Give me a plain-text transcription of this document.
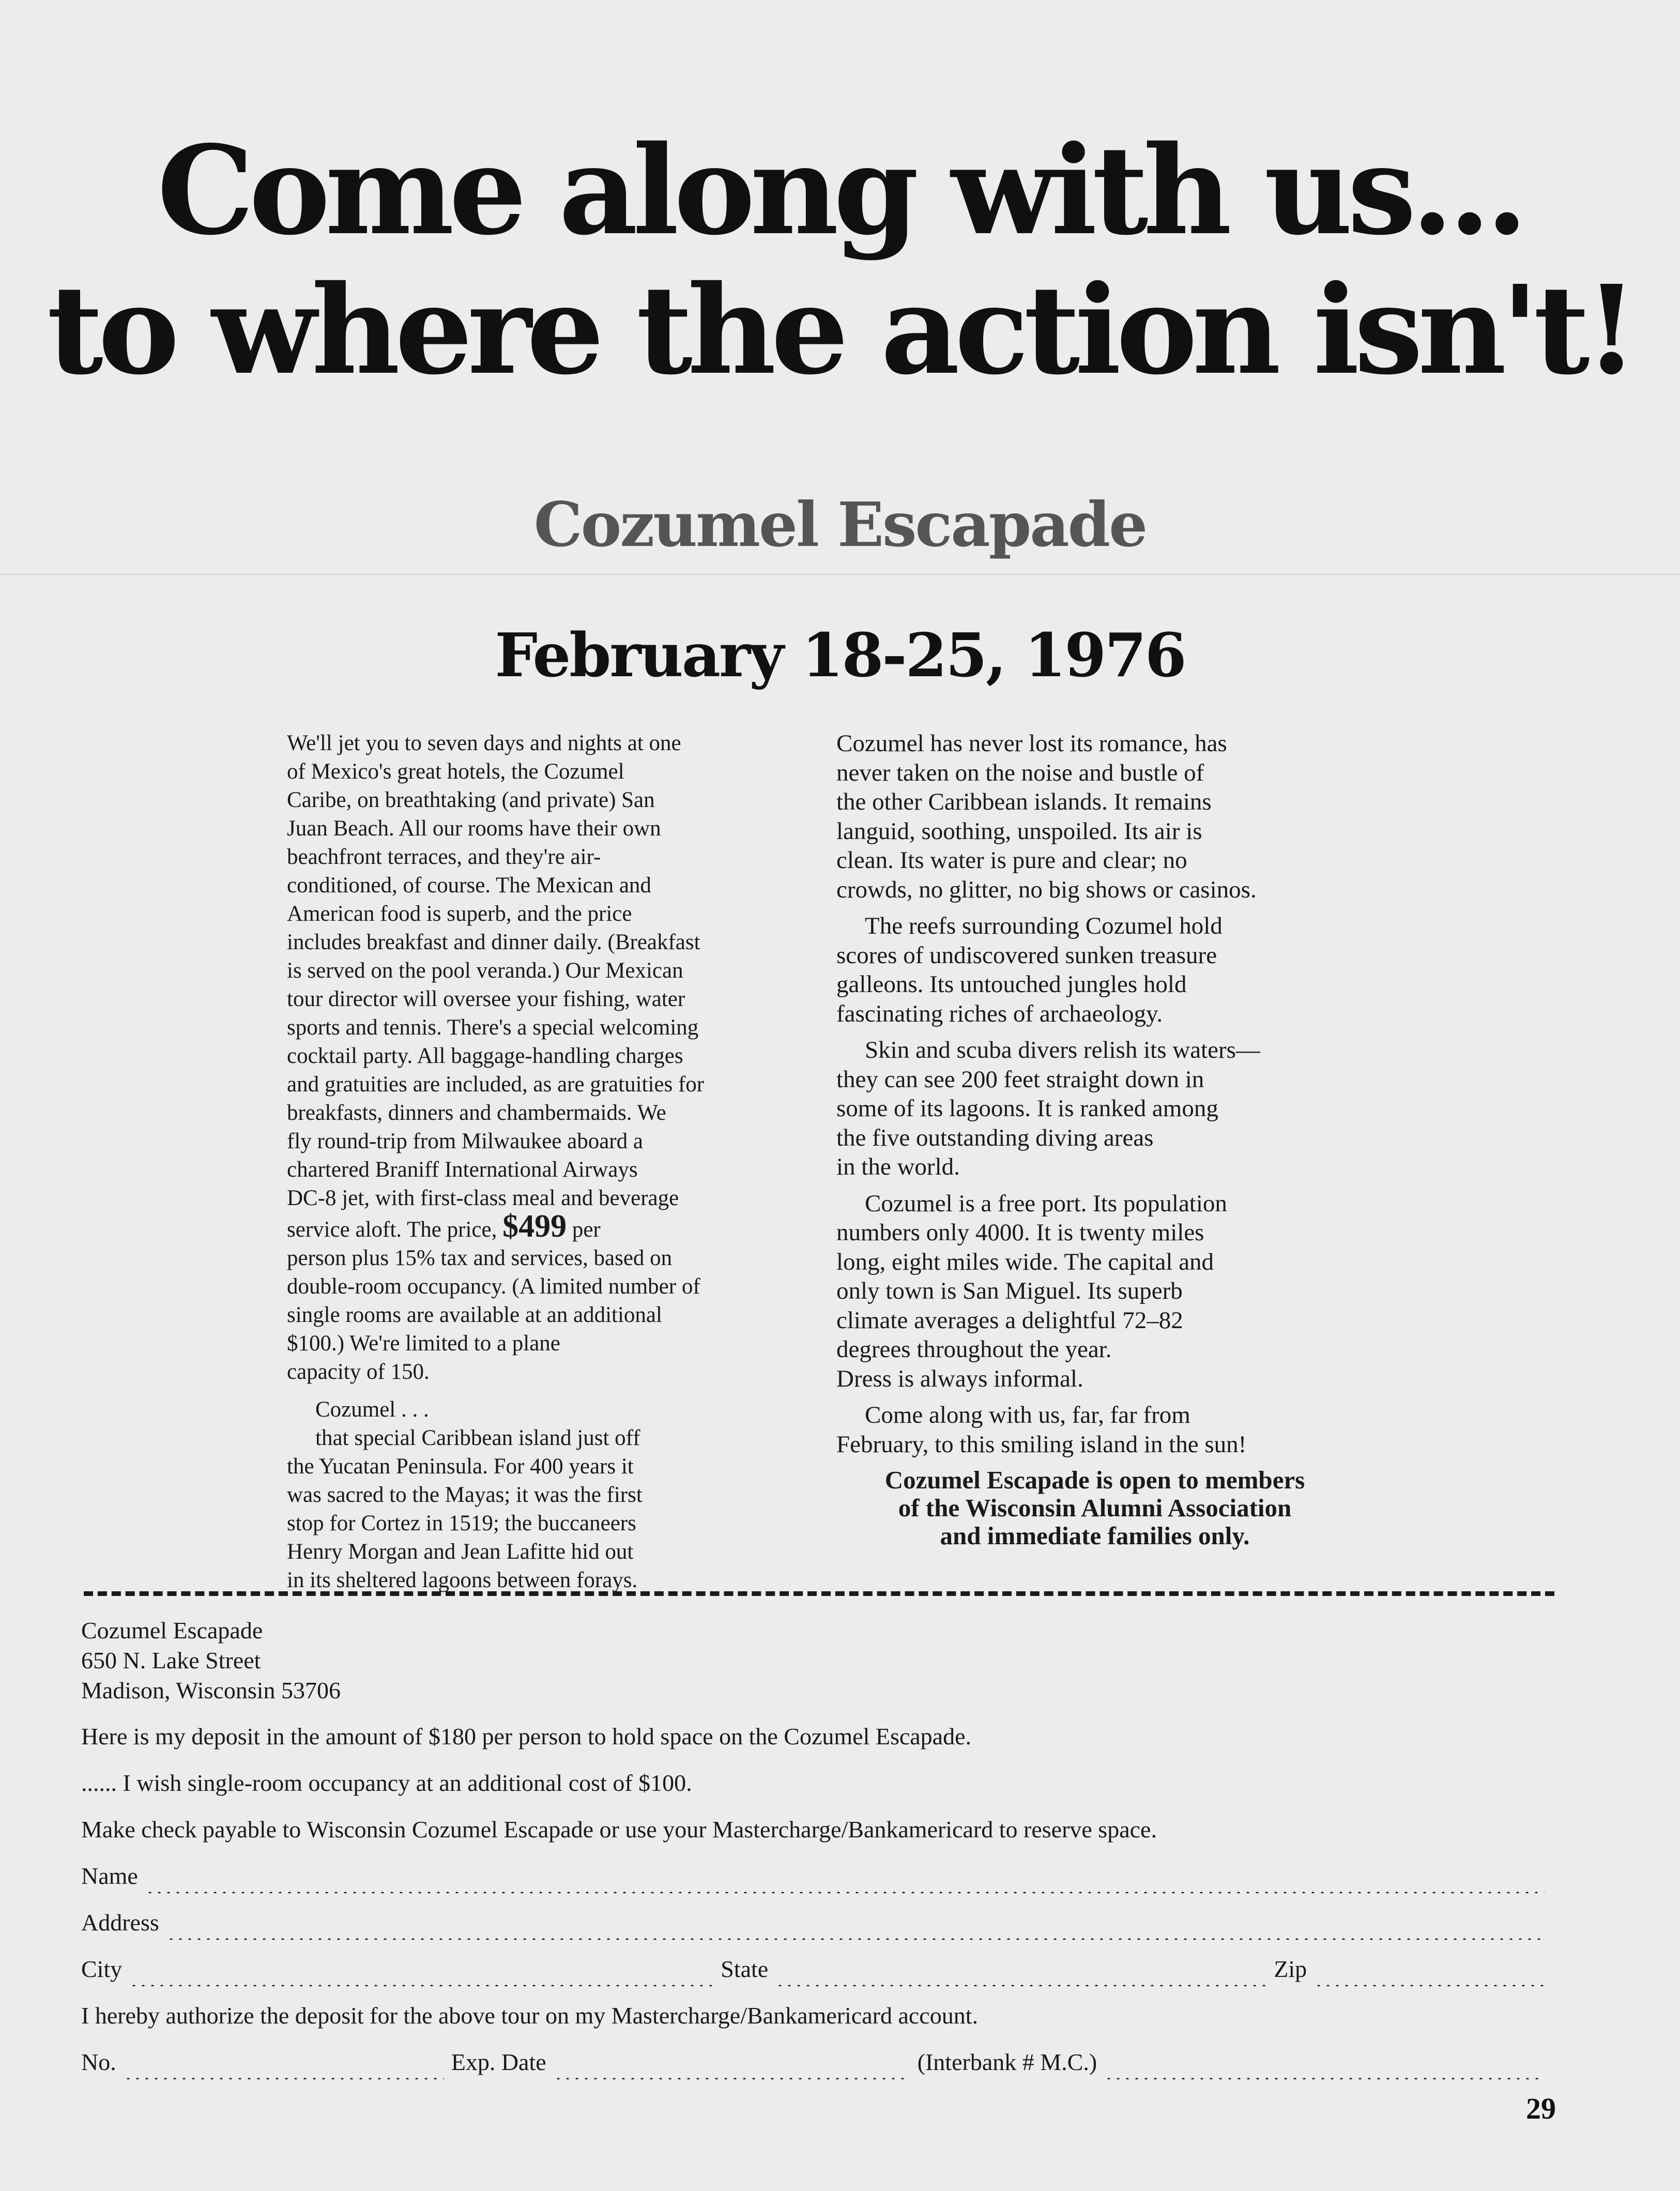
Come along with us...
to where the action isn't!
Cozumel Escapade
February 18-25, 1976

We'll jet you to seven days and nights at one
of Mexico's great hotels, the Cozumel
Caribe, on breathtaking (and private) San
Juan Beach. All our rooms have their own
beachfront terraces, and they're air-
conditioned, of course. The Mexican and
American food is superb, and the price
includes breakfast and dinner daily. (Breakfast
is served on the pool veranda.) Our Mexican
tour director will oversee your fishing, water
sports and tennis. There's a special welcoming
cocktail party. All baggage-handling charges
and gratuities are included, as are gratuities for
breakfasts, dinners and chambermaids. We
fly round-trip from Milwaukee aboard a
chartered Braniff International Airways
DC-8 jet, with first-class meal and beverage
service aloft. The price, $499 per
person plus 15% tax and services, based on
double-room occupancy. (A limited number of
single rooms are available at an additional
$100.) We're limited to a plane
capacity of 150.

Cozumel . . .

that special Caribbean island just off
the Yucatan Peninsula. For 400 years it
was sacred to the Mayas; it was the first
stop for Cortez in 1519; the buccaneers
Henry Morgan and Jean Lafitte hid out
in its sheltered lagoons between forays.

Cozumel has never lost its romance, has
never taken on the noise and bustle of
the other Caribbean islands. It remains
languid, soothing, unspoiled. Its air is
clean. Its water is pure and clear; no
crowds, no glitter, no big shows or casinos.

The reefs surrounding Cozumel hold
scores of undiscovered sunken treasure
galleons. Its untouched jungles hold
fascinating riches of archaeology.

Skin and scuba divers relish its waters—
they can see 200 feet straight down in
some of its lagoons. It is ranked among
the five outstanding diving areas
in the world.

Cozumel is a free port. Its population
numbers only 4000. It is twenty miles
long, eight miles wide. The capital and
only town is San Miguel. Its superb
climate averages a delightful 72–82
degrees throughout the year.
Dress is always informal.

Come along with us, far, far from
February, to this smiling island in the sun!

Cozumel Escapade is open to members
of the Wisconsin Alumni Association
and immediate families only.

Cozumel Escapade
650 N. Lake Street
Madison, Wisconsin 53706
Here is my deposit in the amount of $180 per person to hold space on the Cozumel Escapade.
......
I wish single-room occupancy at an additional cost of $100.
Make check payable to Wisconsin Cozumel Escapade or use your Mastercharge/Bankamericard to reserve space.
Name
Address
City	State	Zip
I hereby authorize the deposit for the above tour on my Mastercharge/Bankamericard account.
No.	Exp. Date	(Interbank # M.C.)
29
